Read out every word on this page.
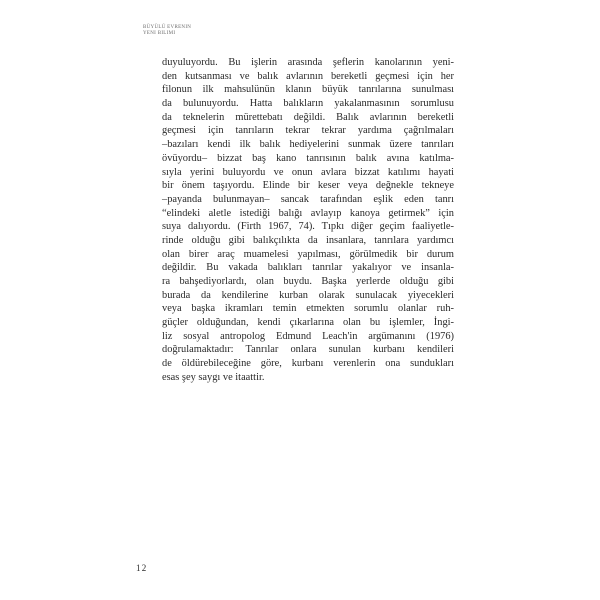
BÜYÜLÜ EVRENIN
YENI BILIMI
duyuluyordu. Bu işlerin arasında şeflerin kanolarının yeni-
den kutsanması ve balık avlarının bereketli geçmesi için her
filonun ilk mahsulünün klanın büyük tanrılarına sunulması
da bulunuyordu. Hatta balıkların yakalanmasının sorumlusu
da teknelerin mürettebatı değildi. Balık avlarının bereketli
geçmesi için tanrıların tekrar tekrar yardıma çağrılmaları
–bazıları kendi ilk balık hediyelerini sunmak üzere tanrıları
övüyordu– bizzat baş kano tanrısının balık avına katılma-
sıyla yerini buluyordu ve onun avlara bizzat katılımı hayati
bir önem taşıyordu. Elinde bir keser veya değnekle tekneye
–payanda bulunmayan– sancak tarafından eşlik eden tanrı
“elindeki aletle istediği balığı avlayıp kanoya getirmek” için
suya dalıyordu. (Firth 1967, 74). Tıpkı diğer geçim faaliyetle-
rinde olduğu gibi balıkçılıkta da insanlara, tanrılara yardımcı
olan birer araç muamelesi yapılması, görülmedik bir durum
değildir. Bu vakada balıkları tanrılar yakalıyor ve insanla-
ra bahşediyorlardı, olan buydu. Başka yerlerde olduğu gibi
burada da kendilerine kurban olarak sunulacak yiyecekleri
veya başka ikramları temin etmekten sorumlu olanlar ruh-
güçler olduğundan, kendi çıkarlarına olan bu işlemler, İngi-
liz sosyal antropolog Edmund Leach'in argümanını (1976)
doğrulamaktadır: Tanrılar onlara sunulan kurbanı kendileri
de öldürebileceğine göre, kurbanı verenlerin ona sundukları
esas şey saygı ve itaattir.
12
